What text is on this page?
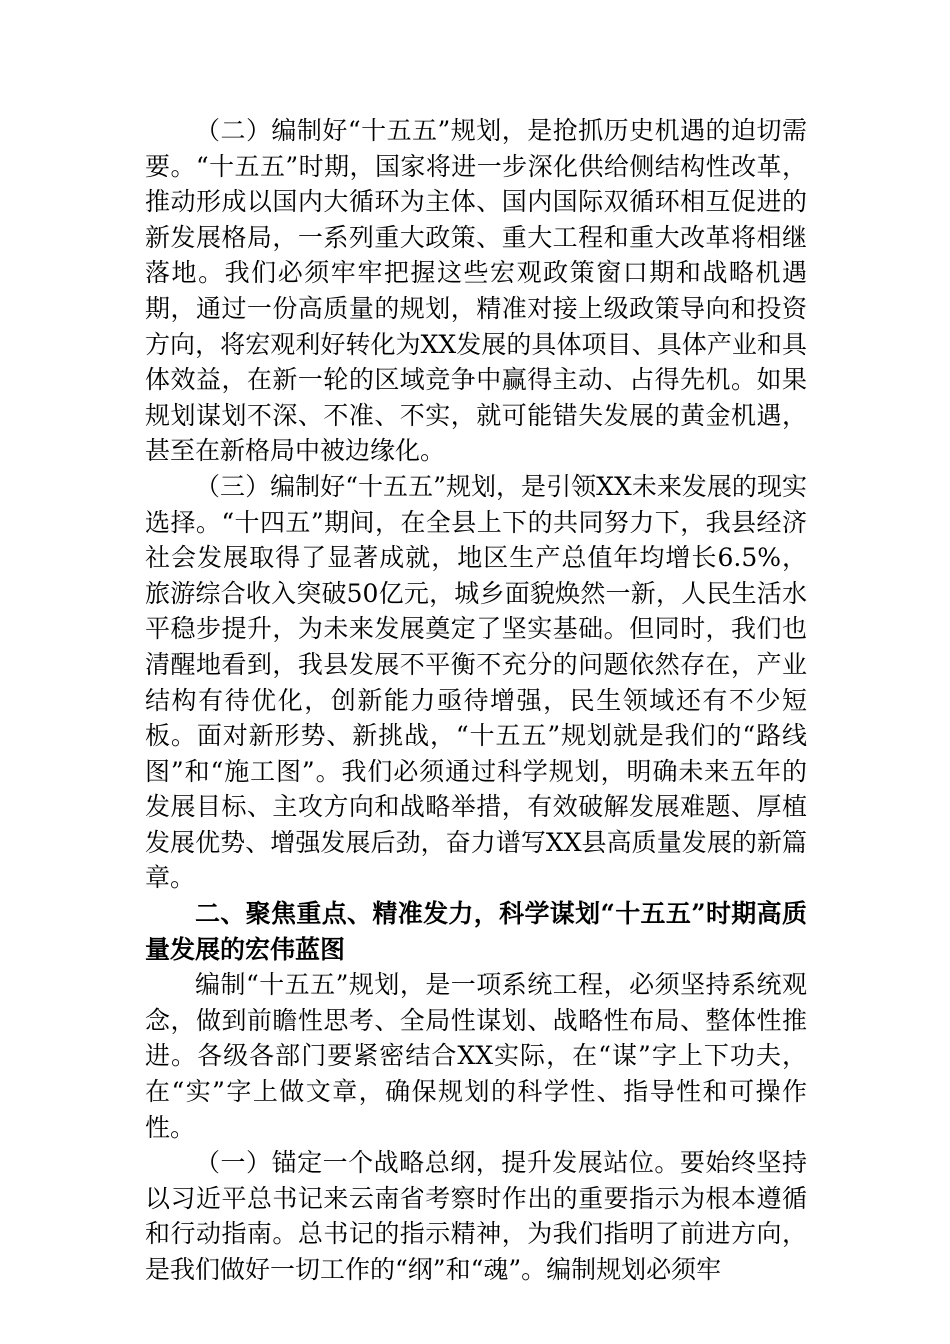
（二）编制好“十五五”规划，是抢抓历史机遇的迫切需要。“十五五”时期，国家将进一步深化供给侧结构性改革，推动形成以国内大循环为主体、国内国际双循环相互促进的新发展格局，一系列重大政策、重大工程和重大改革将相继落地。我们必须牢牢把握这些宏观政策窗口期和战略机遇期，通过一份高质量的规划，精准对接上级政策导向和投资方向，将宏观利好转化为XX发展的具体项目、具体产业和具体效益，在新一轮的区域竞争中赢得主动、占得先机。如果规划谋划不深、不准、不实，就可能错失发展的黄金机遇，甚至在新格局中被边缘化。

（三）编制好“十五五”规划，是引领XX未来发展的现实选择。“十四五”期间，在全县上下的共同努力下，我县经济社会发展取得了显著成就，地区生产总值年均增长6.5%，旅游综合收入突破50亿元，城乡面貌焕然一新，人民生活水平稳步提升，为未来发展奠定了坚实基础。但同时，我们也清醒地看到，我县发展不平衡不充分的问题依然存在，产业结构有待优化，创新能力亟待增强，民生领域还有不少短板。面对新形势、新挑战，“十五五”规划就是我们的“路线图”和“施工图”。我们必须通过科学规划，明确未来五年的发展目标、主攻方向和战略举措，有效破解发展难题、厚植发展优势、增强发展后劲，奋力谱写XX县高质量发展的新篇章。

二、聚焦重点、精准发力，科学谋划“十五五”时期高质量发展的宏伟蓝图

编制“十五五”规划，是一项系统工程，必须坚持系统观念，做到前瞻性思考、全局性谋划、战略性布局、整体性推进。各级各部门要紧密结合XX实际，在“谋”字上下功夫，在“实”字上做文章，确保规划的科学性、指导性和可操作性。

（一）锚定一个战略总纲，提升发展站位。要始终坚持以习近平总书记来云南省考察时作出的重要指示为根本遵循和行动指南。总书记的指示精神，为我们指明了前进方向，是我们做好一切工作的“纲”和“魂”。编制规划必须牢
